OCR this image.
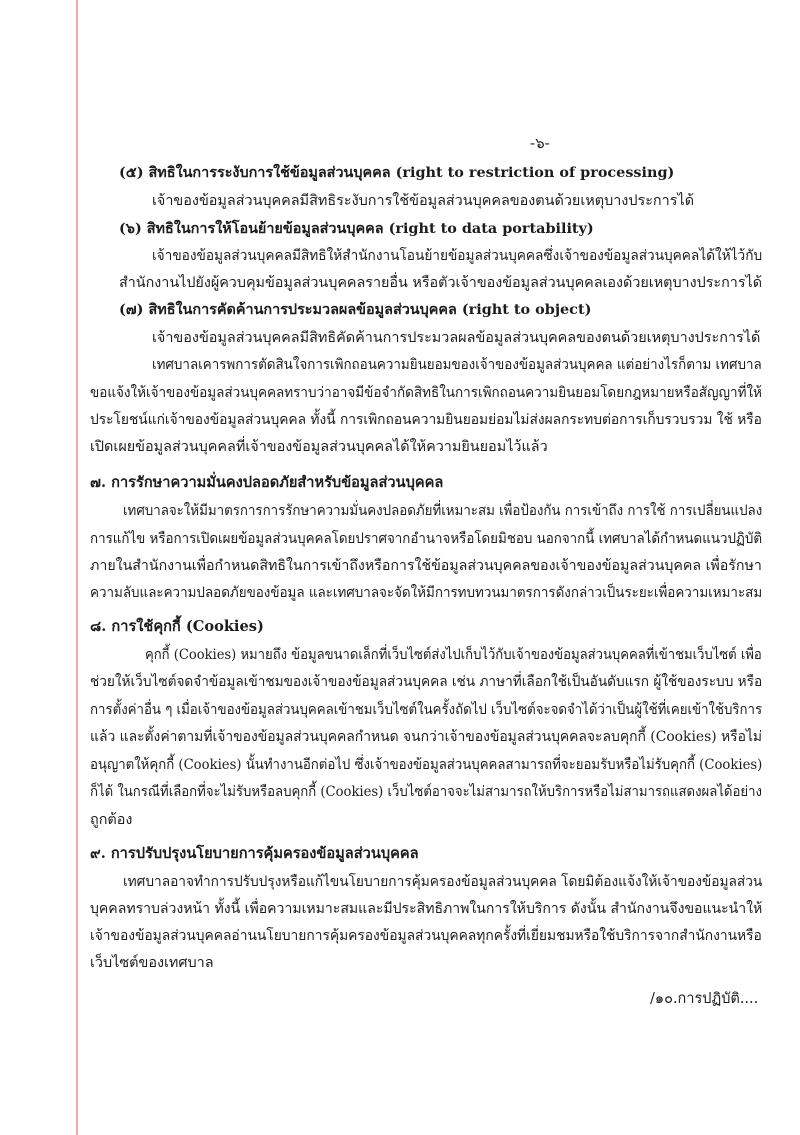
-๖-
(๕) สิทธิในการระงับการใช้ข้อมูลส่วนบุคคล (right to restriction of processing)
เจ้าของข้อมูลส่วนบุคคลมีสิทธิระงับการใช้ข้อมูลส่วนบุคคลของตนด้วยเหตุบางประการได้
(๖) สิทธิในการให้โอนย้ายข้อมูลส่วนบุคคล (right to data portability)
เจ้าของข้อมูลส่วนบุคคลมีสิทธิให้สำนักงานโอนย้ายข้อมูลส่วนบุคคลซึ่งเจ้าของข้อมูลส่วนบุคคลได้ให้ไว้กับ
สำนักงานไปยังผู้ควบคุมข้อมูลส่วนบุคคลรายอื่น หรือตัวเจ้าของข้อมูลส่วนบุคคลเองด้วยเหตุบางประการได้
(๗) สิทธิในการคัดค้านการประมวลผลข้อมูลส่วนบุคคล (right to object)
เจ้าของข้อมูลส่วนบุคคลมีสิทธิคัดค้านการประมวลผลข้อมูลส่วนบุคคลของตนด้วยเหตุบางประการได้
เทศบาลเคารพการตัดสินใจการเพิกถอนความยินยอมของเจ้าของข้อมูลส่วนบุคคล แต่อย่างไรก็ตาม เทศบาล
ขอแจ้งให้เจ้าของข้อมูลส่วนบุคคลทราบว่าอาจมีข้อจำกัดสิทธิในการเพิกถอนความยินยอมโดยกฎหมายหรือสัญญาที่ให้
ประโยชน์แก่เจ้าของข้อมูลส่วนบุคคล ทั้งนี้ การเพิกถอนความยินยอมย่อมไม่ส่งผลกระทบต่อการเก็บรวบรวม ใช้ หรือ
เปิดเผยข้อมูลส่วนบุคคลที่เจ้าของข้อมูลส่วนบุคคลได้ให้ความยินยอมไว้แล้ว
๗. การรักษาความมั่นคงปลอดภัยสำหรับข้อมูลส่วนบุคคล
เทศบาลจะให้มีมาตรการการรักษาความมั่นคงปลอดภัยที่เหมาะสม เพื่อป้องกัน การเข้าถึง การใช้ การเปลี่ยนแปลง
การแก้ไข หรือการเปิดเผยข้อมูลส่วนบุคคลโดยปราศจากอำนาจหรือโดยมิชอบ นอกจากนี้ เทศบาลได้กำหนดแนวปฏิบัติ
ภายในสำนักงานเพื่อกำหนดสิทธิในการเข้าถึงหรือการใช้ข้อมูลส่วนบุคคลของเจ้าของข้อมูลส่วนบุคคล เพื่อรักษา
ความลับและความปลอดภัยของข้อมูล และเทศบาลจะจัดให้มีการทบทวนมาตรการดังกล่าวเป็นระยะเพื่อความเหมาะสม
๘. การใช้คุกกี้ (Cookies)
คุกกี้ (Cookies) หมายถึง ข้อมูลขนาดเล็กที่เว็บไซต์ส่งไปเก็บไว้กับเจ้าของข้อมูลส่วนบุคคลที่เข้าชมเว็บไซต์ เพื่อ
ช่วยให้เว็บไซต์จดจำข้อมูลเข้าชมของเจ้าของข้อมูลส่วนบุคคล เช่น ภาษาที่เลือกใช้เป็นอันดับแรก ผู้ใช้ของระบบ หรือ
การตั้งค่าอื่น ๆ เมื่อเจ้าของข้อมูลส่วนบุคคลเข้าชมเว็บไซต์ในครั้งถัดไป เว็บไซต์จะจดจำได้ว่าเป็นผู้ใช้ที่เคยเข้าใช้บริการ
แล้ว และตั้งค่าตามที่เจ้าของข้อมูลส่วนบุคคลกำหนด จนกว่าเจ้าของข้อมูลส่วนบุคคลจะลบคุกกี้ (Cookies) หรือไม่
อนุญาตให้คุกกี้ (Cookies) นั้นทำงานอีกต่อไป ซึ่งเจ้าของข้อมูลส่วนบุคคลสามารถที่จะยอมรับหรือไม่รับคุกกี้ (Cookies)
ก็ได้ ในกรณีที่เลือกที่จะไม่รับหรือลบคุกกี้ (Cookies) เว็บไซต์อาจจะไม่สามารถให้บริการหรือไม่สามารถแสดงผลได้อย่าง
ถูกต้อง
๙. การปรับปรุงนโยบายการคุ้มครองข้อมูลส่วนบุคคล
เทศบาลอาจทำการปรับปรุงหรือแก้ไขนโยบายการคุ้มครองข้อมูลส่วนบุคคล โดยมิต้องแจ้งให้เจ้าของข้อมูลส่วน
บุคคลทราบล่วงหน้า ทั้งนี้ เพื่อความเหมาะสมและมีประสิทธิภาพในการให้บริการ ดังนั้น สำนักงานจึงขอแนะนำให้
เจ้าของข้อมูลส่วนบุคคลอ่านนโยบายการคุ้มครองข้อมูลส่วนบุคคลทุกครั้งที่เยี่ยมชมหรือใช้บริการจากสำนักงานหรือ
เว็บไซต์ของเทศบาล
/๑๐.การปฏิบัติ....
